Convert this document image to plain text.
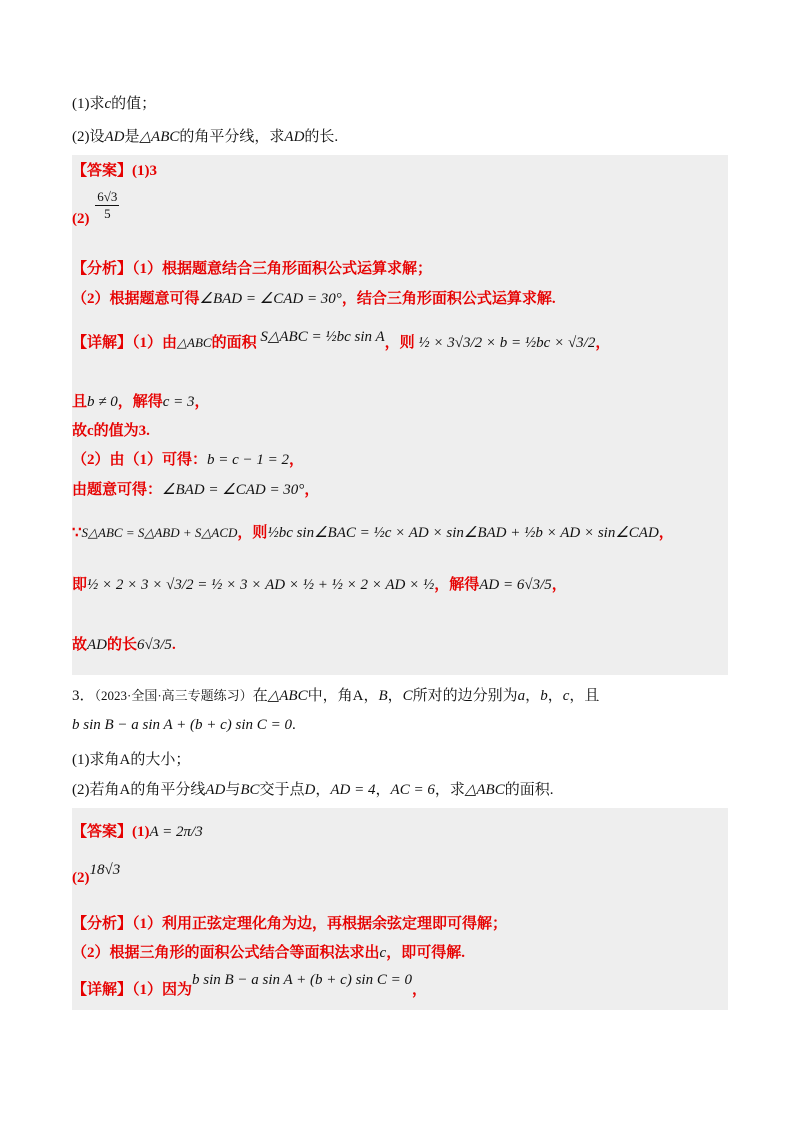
(1)求c的值；
(2)设AD是△ABC的角平分线，求AD的长.
【答案】(1)3
$(2) \frac{6√3}{5}$
【分析】（1）根据题意结合三角形面积公式运算求解；
（2）根据题意可得∠BAD = ∠CAD = 30°，结合三角形面积公式运算求解.
【详解】（1）由△ABC的面积 S△ABC = ½bc sin A，则 ½ × 3√3/2 × b = ½bc × √3/2，
且b ≠ 0，解得c = 3，
故c的值为3.
（2）由（1）可得：b = c − 1 = 2，
由题意可得：∠BAD = ∠CAD = 30°，
∵S△ABC = S△ABD + S△ACD，则½bc sin∠BAC = ½c × AD × sin∠BAD + ½b × AD × sin∠CAD，
即½ × 2 × 3 × √3/2 = ½ × 3 × AD × ½ + ½ × 2 × AD × ½，解得AD = 6√3/5，
故AD的长6√3/5.
3．（2023·全国·高三专题练习）在△ABC中，角A，B，C所对的边分别为a，b，c，且
b sin B − a sin A + (b + c) sin C = 0.
(1)求角A的大小；
(2)若角A的角平分线AD与BC交于点D，AD = 4，AC = 6，求△ABC的面积.
【答案】(1)A = 2π/3
(2)18√3
【分析】（1）利用正弦定理化角为边，再根据余弦定理即可得解；
（2）根据三角形的面积公式结合等面积法求出c，即可得解.
【详解】（1）因为b sin B − a sin A + (b + c) sin C = 0，
